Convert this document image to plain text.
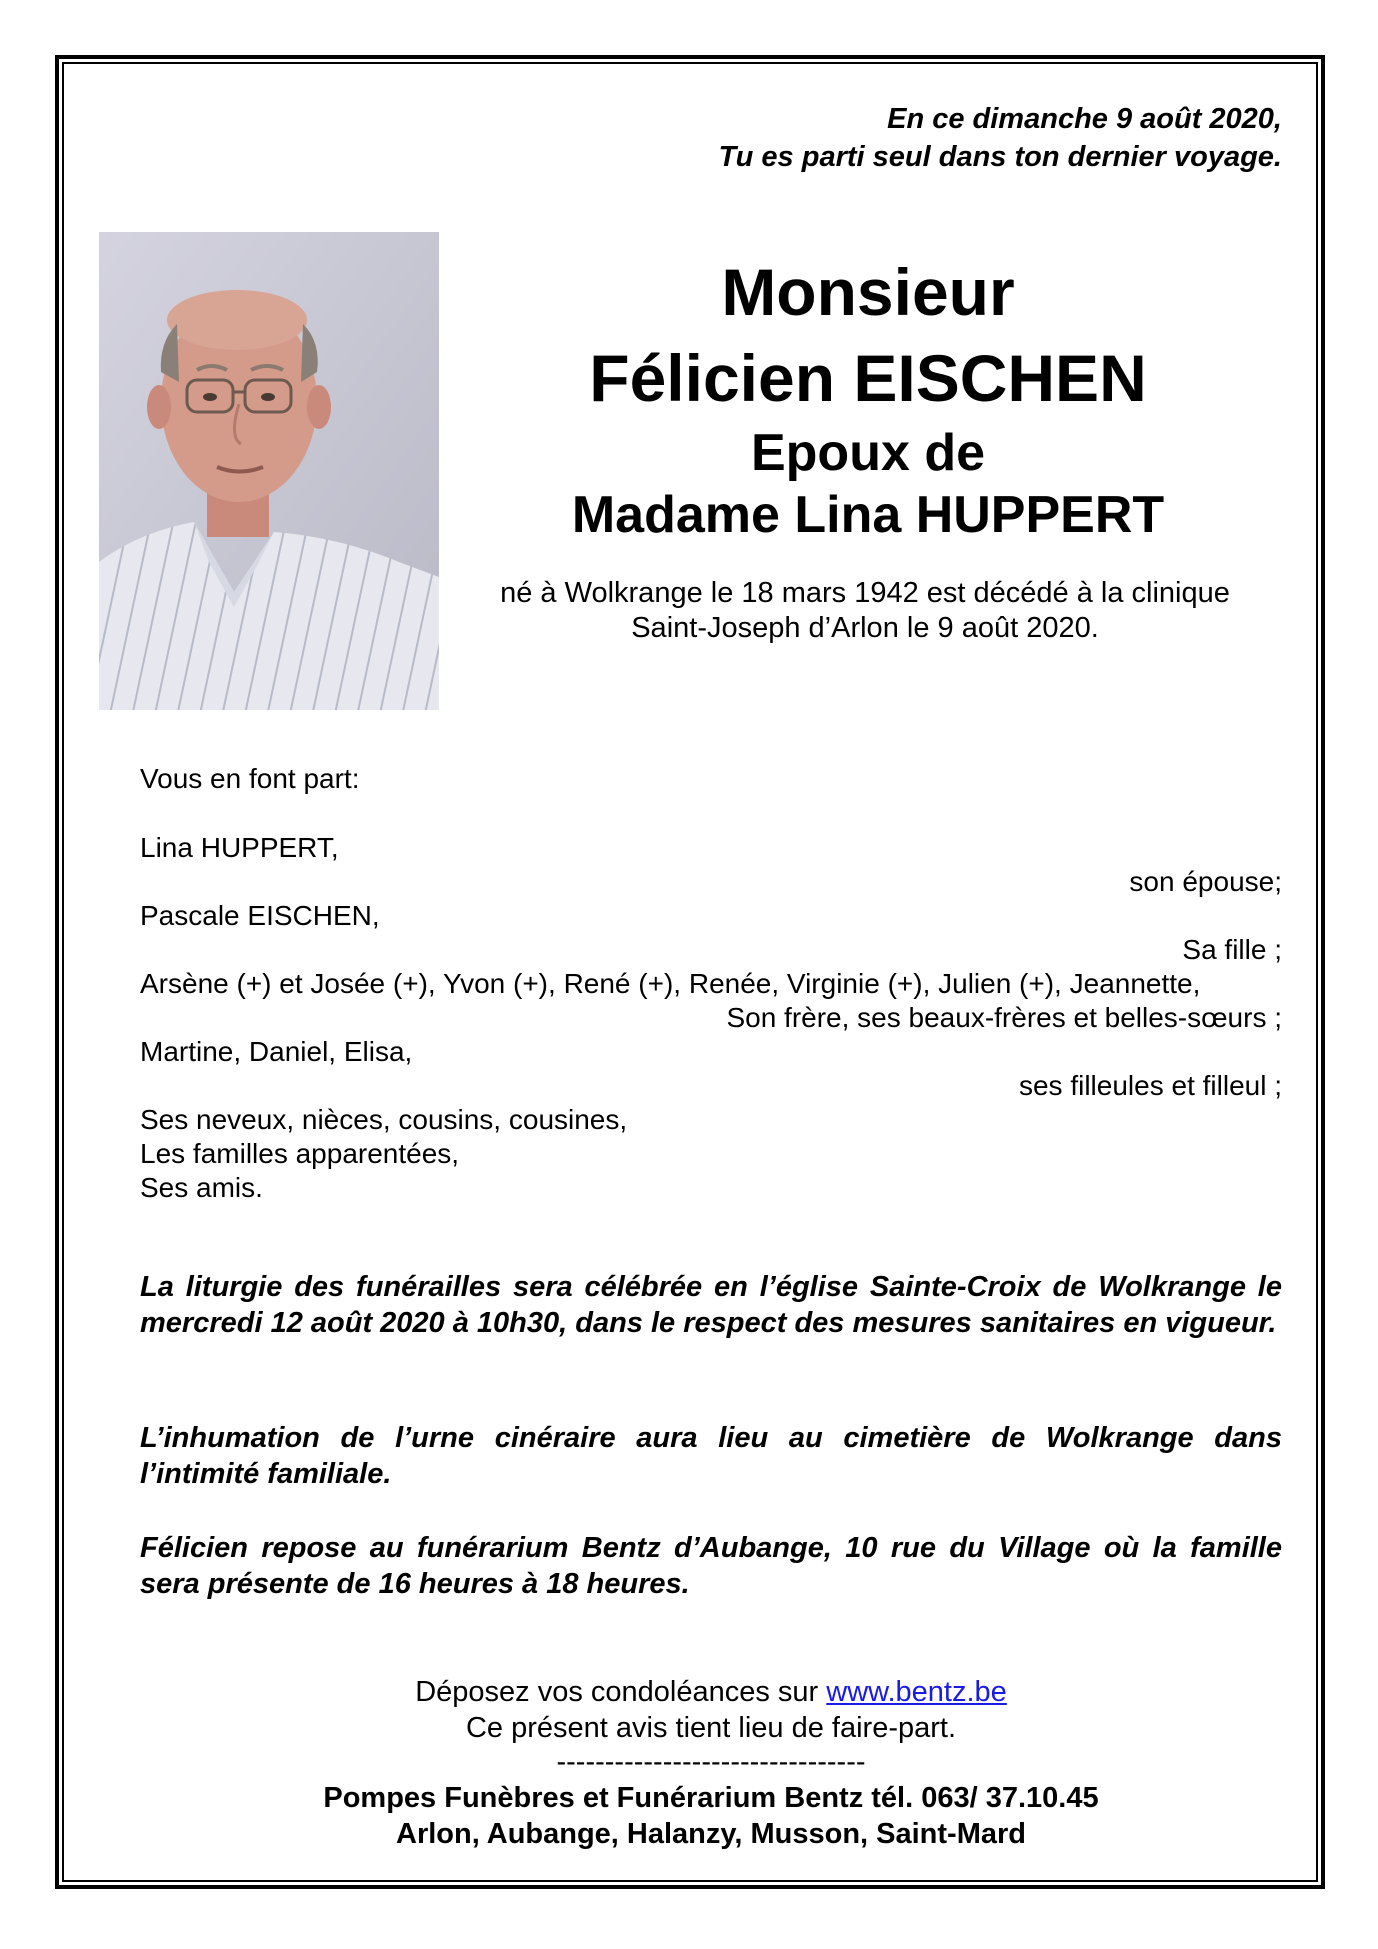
En ce dimanche 9 août 2020,
Tu es parti seul dans ton dernier voyage.
Monsieur
Félicien EISCHEN
Epoux de
Madame Lina HUPPERT
né à Wolkrange le 18 mars 1942 est décédé à la clinique
Saint-Joseph d’Arlon le 9 août 2020.
Vous en font part:
Lina HUPPERT,
son épouse;
Pascale EISCHEN,
Sa fille ;
Arsène (+) et Josée (+), Yvon (+), René (+), Renée, Virginie (+), Julien (+), Jeannette,
Son frère, ses beaux-frères et belles-sœurs ;
Martine, Daniel, Elisa,
ses filleules et filleul ;
Ses neveux, nièces, cousins, cousines,
Les familles apparentées,
Ses amis.
La liturgie des funérailles sera célébrée en l’église Sainte-Croix de Wolkrange le mercredi 12 août 2020 à 10h30, dans le respect des mesures sanitaires en vigueur.
L’inhumation de l’urne cinéraire aura lieu au cimetière de Wolkrange dans l’intimité familiale.
Félicien repose au funérarium Bentz d’Aubange, 10 rue du Village où la famille sera présente de 16 heures à 18 heures.
Déposez vos condoléances sur www.bentz.be
Ce présent avis tient lieu de faire-part.
--------------------------------
Pompes Funèbres et Funérarium Bentz tél. 063/ 37.10.45
Arlon, Aubange, Halanzy, Musson, Saint-Mard
